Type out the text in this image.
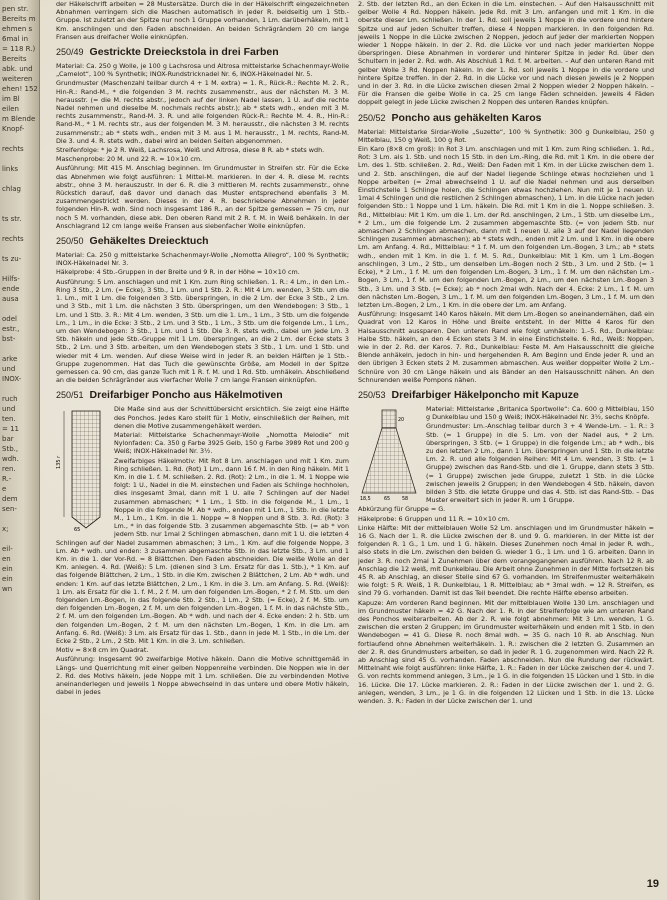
pen str.
Bereits m
ehmen s
6mal in
= 118 R.)
Bereits
abk. und
weiteren
ehen! 152
im Bl
eilen
m Blende
Knopf-
rechts
links
chlag
ts str.
rechts
ts zu-
Hilfs-
ende
ausa
odel
estr.,
bst-
arke
und
INOX-
ruch
und
ten.
= 11
bar
Stb.,
wdh.
ren.
R.-
e
dem
sen-
x;
eil-
en
ein
ein
wn

der Häkelschrift arbeiten = 28 Mustersätze. Durch die in der Häkelschrift eingezeichneten Abnahmen verringern sich die Maschen automatisch in jeder R. beidseitig um 1 Stb.-Gruppe. Ist zuletzt an der Spitze nur noch 1 Gruppe vorhanden, 1 Lm. darüberhäkeln, mit 1 Km. anschlingen und den Faden abschneiden. An beiden Schrägrändern 20 cm lange Fransen aus dreifacher Wolle einknüpfen.

250/49 Gestrickte Dreieckstola in drei Farben

Material: Ca. 250 g Wolle, je 100 g Lachsrosa und Altrosa mittelstarke Schachenmayr-Wolle „Camelot“, 100 % Synthetik; INOX-Rundstricknadel Nr. 6, INOX-Häkelnadel Nr. 5.

Grundmuster (Maschenzahl teilbar durch 4 + 1 M. extra) = 1. R., Rück-R.: Rechte M. 2. R., Hin-R.: Rand-M., * die folgenden 3 M. rechts zusammenstr., aus der nächsten M. 3 M. herausstr. (= die M. rechts abstr., jedoch auf der linken Nadel lassen, 1 U. auf die rechte Nadel nehmen und dieselbe M. nochmals rechts abstr.); ab * stets wdh., enden mit 3 M. rechts zusammenstr., Rand-M. 3. R. und alle folgenden Rück-R.: Rechte M. 4. R., Hin-R.: Rand-M., * 1 M. rechts str., aus der folgenden M. 3 M. herausstr., die nächsten 3 M. rechts zusammenstr.; ab * stets wdh., enden mit 3 M. aus 1 M. herausstr., 1 M. rechts, Rand-M. Die 3. und 4. R. stets wdh., dabei wird an beiden Seiten abgenommen.

Streifenfolge: * je 2 R. Weiß, Lachsrosa, Weiß und Altrosa, diese 8 R. ab * stets wdh.

Maschenprobe: 20 M. und 22 R. = 10×10 cm.

Ausführung: Mit 415 M. Anschlag beginnen. Im Grundmuster in Streifen str. Für die Ecke das Abnehmen wie folgt ausführen: 1 Mittel-M. markieren. In der 4. R. diese M. rechts abstr., ohne 3 M. herauszustr. In der 6. R. die 3 mittleren M. rechts zusammenstr., ohne Rückstich darauf, daß davor und danach das Muster entsprechend ebenfalls 3 M. zusammengestrickt werden. Dieses in der 4. R. beschriebene Abnehmen in jeder folgenden Hin-R. wdh. Sind noch insgesamt 186 R., an der Spitze gemessen = 75 cm, nur noch 5 M. vorhanden, diese abk. Den oberen Rand mit 2 R. f. M. in Weiß behäkeln. In der Anschlagrand 12 cm lange weiße Fransen aus siebenfacher Wolle einknüpfen.

250/50 Gehäkeltes Dreiecktuch

Material: Ca. 250 g mittelstarke Schachenmayr-Wolle „Nomotta Allegro“, 100 % Synthetik; INOX-Häkelnadel Nr. 3.

Häkelprobe: 4 Stb.-Gruppen in der Breite und 9 R. in der Höhe = 10×10 cm.

Ausführung: 5 Lm. anschlagen und mit 1 Km. zum Ring schließen. 1. R.: 4 Lm., in den Lm.-Ring 3 Stb., 2 Lm. (= Ecke), 3 Stb., 1 Lm. und 1 Stb. 2. R.: Mit 4 Lm. wenden, 3 Stb. um die 1. Lm., mit 1 Lm. die folgenden 3 Stb. überspringen, in die 2 Lm. der Ecke 3 Stb., 2 Lm. und 3 Stb., mit 1 Lm. die nächsten 3 Stb. überspringen, um den Wendebogen: 3 Stb., 1 Lm. und 1 Stb. 3. R.: Mit 4 Lm. wenden, 3 Stb. um die 1. Lm., 1 Lm., 3 Stb. um die folgende Lm., 1 Lm., in die Ecke: 3 Stb., 2 Lm. und 3 Stb., 1 Lm., 3 Stb. um die folgende Lm., 1 Lm., um den Wendebogen: 3 Stb., 1 Lm. und 1 Stb. Die 3. R. stets wdh., dabei um jede Lm. 3 Stb. häkeln und jede Stb.-Gruppe mit 1 Lm. überspringen, an die 2 Lm. der Ecke stets 3 Stb., 2 Lm. und 3 Stb. arbeiten, um den Wendebogen stets 3 Stb., 1 Lm. und 1 Stb. und wieder mit 4 Lm. wenden. Auf diese Weise wird in jeder R. an beiden Hälften je 1 Stb.-Gruppe zugenommen. Hat das Tuch die gewünschte Größe, am Modell in der Spitze gemessen ca. 90 cm, das ganze Tuch mit 1 R. f. M. und 1 Rd. Stb. umhäkeln. Abschließend an die beiden Schrägränder aus vierfacher Wolle 7 cm lange Fransen einknüpfen.

250/51 Dreifarbiger Poncho aus Häkelmotiven
135 r
65

Die Maße sind aus der Schnittübersicht ersichtlich. Sie zeigt eine Hälfte des Ponchos. Jedes Karo stellt für 1 Motiv, einschließlich der Reihen, mit denen die Motive zusammengehäkelt werden.

Material: Mittelstarke Schachenmayr-Wolle „Nomotta Melodie“ mit Nylonfaden: Ca. 350 g Farbe 3925 Gelb, 150 g Farbe 3989 Rot und 200 g Weiß; INOX-Häkelnadel Nr. 3½.

Zweifarbiges Häkelmotiv: Mit Rot 8 Lm. anschlagen und mit 1 Km. zum Ring schließen. 1. Rd. (Rot) 1 Lm., dann 16 f. M. in den Ring häkeln. Mit 1 Km. in die 1. f. M. schließen. 2. Rd. (Rot): 2 Lm., in die 1. M. 1 Noppe wie folgt: 1 U., Nadel in die M. einstechen und Faden als Schlinge hochholen, dies insgesamt 3mal, dann mit 1 U. alle 7 Schlingen auf der Nadel zusammen abmaschen; * 1 Lm., 1 Stb. in die folgende M., 1 Lm., 1 Noppe in die folgende M. Ab * wdh., enden mit 1 Lm., 1 Stb. in die letzte M., 1 Lm., 1 Km. in die 1. Noppe = 8 Noppen und 8 Stb. 3. Rd. (Rot): 3 Lm., * in das folgende Stb. 3 zusammen abgemaschte Stb. (= ab * von jedem Stb. nur 1mal 2 Schlingen abmaschen, dann mit 1 U. die letzten 4 Schlingen auf der Nadel zusammen abmaschen; 3 Lm., 1 Km. auf die folgende Noppe, 3 Lm. Ab * wdh. und enden: 3 zusammen abgemaschte Stb. in das letzte Stb., 3 Lm. und 1 Km. in die 1. der Vor-Rd. = 8 Blättchen. Den Faden abschneiden. Die weiße Wolle an der Km. anlegen. 4. Rd. (Weiß): 5 Lm. (dienen sind 3 Lm. Ersatz für das 1. Stb.), * 1 Km. auf das folgende Blättchen, 2 Lm., 1 Stb. in die Km. zwischen 2 Blättchen, 2 Lm. Ab * wdh. und enden: 1 Km. auf das letzte Blättchen, 2 Lm., 1 Km. in die 3. Lm. am Anfang. 5. Rd. (Weiß): 1 Lm. als Ersatz für die 1. f. M., 2 f. M. um den folgenden Lm.-Bogen, * 2 f. M. Stb. um den folgenden Lm.-Bogen, in das folgende Stb. 2 Stb., 1 Lm., 2 Stb. (= Ecke), 2 f. M. Stb. um den folgenden Lm.-Bogen, 2 f. M. um den folgenden Lm.-Bogen, 1 f. M. in das nächste Stb., 2 f. M. um den folgenden Lm.-Bogen. Ab * wdh. und nach der 4. Ecke enden: 2 h. Stb. um den folgenden Lm.-Bogen, 2 f. M. um den nächsten Lm.-Bogen, 1 Km. in die Lm. am Anfang. 6. Rd. (Weiß): 3 Lm. als Ersatz für das 1. Stb., dann in jede M. 1 Stb., in die Lm. der Ecke 2 Stb., 2 Lm., 2 Stb. Mit 1 Km. in die 3. Lm. schließen.

Motiv = 8×8 cm im Quadrat.

Ausführung: Insgesamt 90 zweifarbige Motive häkeln. Dann die Motive schnittgemäß in Längs- und Querrichtung mit einer gelben Noppenreihe verbinden. Die Noppen wie in der 2. Rd. des Motivs häkeln, jede Noppe mit 1 Lm. schließen. Die zu verbindenden Motive aneinanderlegen und jeweils 1 Noppe abwechselnd in das untere und obere Motiv häkeln, dabei in jedes

2. Stb. der letzten Rd., an den Ecken in die Lm. einstechen. – Auf den Halsausschnitt mit gelber Wolle 4 Rd. Noppen häkeln. Jede Rd. mit 3 Lm. anfangen und mit 1 Km. in die oberste dieser Lm. schließen. In der 1. Rd. soll jeweils 1 Noppe in die vordere und hintere Spitze und auf jeden Schulter treffen, diese 4 Noppen markieren. In den folgenden Rd. jeweils 1 Noppe in die Lücke zwischen 2 Noppen, jedoch auf jeder der markierten Noppen wieder 1 Noppe häkeln. In der 2. Rd. die Lücke vor und nach jeder markierten Noppe überspringen. Diese Abnahmen in vorderer und hinterer Spitze in jeder Rd. über den Schultern in jeder 2. Rd. wdh. Als Abschluß 1 Rd. f. M. arbeiten. – Auf den unteren Rand mit gelber Wolle 3 Rd. Noppen häkeln. In der 1. Rd. soll jeweils 1 Noppe in die vordere und hintere Spitze treffen. In der 2. Rd. in die Lücke vor und nach diesen jeweils je 2 Noppen und in der 3. Rd. in die Lücke zwischen diesen 2mal 2 Noppen wieder 2 Noppen häkeln. – Für die Fransen die gelbe Wolle in ca. 25 cm lange Fäden schneiden. Jeweils 4 Fäden doppelt gelegt in jede Lücke zwischen 2 Noppen des unteren Randes knüpfen.

250/52 Poncho aus gehäkelten Karos

Material: Mittelstarke Sirdar-Wolle „Suzette“, 100 % Synthetik: 300 g Dunkelblau, 250 g Mittelblau, 150 g Weiß, 100 g Rot.

Ein Karo (8×8 cm groß): In Rot 3 Lm. anschlagen und mit 1 Km. zum Ring schließen. 1. Rd., Rot: 3 Lm. als 1. Stb. und noch 15 Stb. in den Lm.-Ring, die Rd. mit 1 Km. in die obere der Lm. des 1. Stb. schließen. 2. Rd., Weiß: Den Faden mit 1 Km. in der Lücke zwischen dem 1. und 2. Stb. anschlingen, die auf der Nadel liegende Schlinge etwas hochziehen und 1 Noppe arbeiten (= 2mal abwechselnd 1 U. auf die Nadel nehmen und aus derselben Einstichstelle 1 Schlinge holen, die Schlingen etwas hochziehen. Nun mit je 1 neuen U. 1mal 4 Schlingen und die restlichen 2 Schlingen abmaschen), 1 Lm. in die Lücke nach jeden folgenden Stb.: 1 Noppe und 1 Lm. häkeln. Die Rd. mit 1 Km in die 1. Noppe schließen. 3. Rd., Mittelblau: Mit 1 Km. um die 1. Lm. der Rd. anschlingen, 2 Lm., 1 Stb. um dieselbe Lm., * 2 Lm., um die folgende Lm. 2 zusammen abgemaschte Stb. (= von jedem Stb. nur abmaschen 2 Schlingen abmaschen, dann mit 1 neuen U. alle 3 auf der Nadel liegenden Schlingen zusammen abmaschen); ab * stets wdh., enden mit 2 Lm. und 1 Km. in die obere Lm. am Anfang. 4. Rd., Mittelblau: * 1 f. M. um den folgenden Lm.-Bogen, 3 Lm.; ab * stets wdh., enden mit 1 Km. in die 1. f. M. 5. Rd., Dunkelblau: Mit 1 Km. um 1 Lm.-Bogen anschlingen, 3 Lm., 2 Stb., um denselben Lm.-Bogen noch 2 Stb., 3 Lm. und 2 Stb. (= 1 Ecke), * 2 Lm., 1 f. M. um den folgenden Lm.-Bogen, 3 Lm., 1 f. M. um den nächsten Lm.-Bogen, 3 Lm., 1 f. M. um den folgenden Lm.-Bogen, 2 Lm., um den nächsten Lm.-Bogen 3 Stb., 3 Lm. und 3 Stb. (= Ecke); ab * noch 2mal wdh. Nach der 4. Ecke: 2 Lm., 1 f. M. um den nächsten Lm.-Bogen, 3 Lm., 1 f. M. um den folgenden Lm.-Bogen, 3 Lm., 1 f. M. um den letzten Lm.-Bogen, 2 Lm., 1 Km. in die obere der Lm. am Anfang.

Ausführung: Insgesamt 140 Karos häkeln. Mit dem Lm.-Bogen so aneinandernähen, daß ein Quadrat von 12 Karos in Höhe und Breite entsteht. In der Mitte 4 Karos für den Halsausschnitt aussparen. Den unteren Rand wie folgt umhäkeln: 1.–5. Rd., Dunkelblau: Halbe Stb. häkeln, an den 4 Ecken stets 3 M. in eine Einstichstelle. 6. Rd., Weiß: Noppen, wie in der 2. Rd. der Karos. 7. Rd., Dunkelblau: Feste M. Am Halsausschnitt die gleiche Blende anhäkeln, jedoch in hin- und hergehenden R. Am Beginn und Ende jeder R. und an den übrigen 3 Ecken stets 2 M. zusammen abmaschen. Aus weißer doppelter Wolle 2 Lm.-Schnüre von 30 cm Länge häkeln und als Bänder an den Halsausschnitt nähen. An den Schnurenden weiße Pompons nähen.

250/53 Dreifarbiger Häkelponcho mit Kapuze
18,5	65 58
20

Material: Mittelstarke „Britanica Sportwolle“: Ca. 600 g Mittelblau, 150 g Dunkelblau und 150 g Weiß; INOX-Häkelnadel Nr. 3½, sechs Knöpfe.

Grundmuster: Lm.-Anschlag teilbar durch 3 + 4 Wende-Lm. – 1. R.: 3 Stb. (= 1 Gruppe) in die 5. Lm. von der Nadel aus, * 2 Lm. überspringen, 3 Stb. (= 1 Gruppe) in die folgende Lm.; ab * wdh., bis zu den letzten 2 Lm., dann 1 Lm. überspringen und 1 Stb. in die letzte Lm. 2. R. und alle folgenden Reihen: Mit 4 Lm. wenden, 3 Stb. (= 1 Gruppe) zwischen das Rand-Stb. und die 1. Gruppe, dann stets 3 Stb. (= 1 Gruppe) zwischen jede Gruppe, zuletzt 1 Stb. in die Lücke zwischen jeweils 2 Gruppen; in den Wendebogen 4 Stb. häkeln, davon bilden 3 Stb. die letzte Gruppe und das 4. Stb. ist das Rand-Stb. – Das Muster erweitert sich in jeder R. um 1 Gruppe.

Abkürzung für Gruppe = G.

Häkelprobe: 6 Gruppen und 11 R. = 10×10 cm.

Linke Hälfte: Mit der mittelblauen Wolle 52 Lm. anschlagen und im Grundmuster häkeln = 16 G. Nach der 1. R. die Lücke zwischen der 8. und 9. G. markieren. In der Mitte ist der folgenden R. 1 G., 1 Lm. und 1 G. häkeln. Dieses Zunehmen noch 4mal in jeder R. wdh., also stets in die Lm. zwischen den beiden G. wieder 1 G., 1 Lm. und 1 G. arbeiten. Dann in jeder 3. R. noch 2mal 1 Zunehmen über dem vorangegangenen ausführen. Nach 12 R. ab Anschlag die 12 weiß, mit Dunkelblau. Die Arbeit ohne Zunehmen in der Mitte fortsetzen bis 45 R. ab Anschlag, an dieser Stelle sind 67 G. vorhanden. Im Streifenmuster weiterhäkeln wie folgt: 5 R. Weiß, 1 R. Dunkelblau, 1 R. Mittelblau; ab * 3mal wdh. = 12 R. Streifen, es sind 79 G. vorhanden. Damit ist das Teil beendet. Die rechte Hälfte ebenso arbeiten.

Kapuze: Am vorderen Rand beginnen. Mit der mittelblauen Wolle 130 Lm. anschlagen und im Grundmuster häkeln = 42 G. Nach der 1. R. in der Streifenfolge wie am unteren Rand des Ponchos weiterarbeiten. Ab der 2. R. wie folgt abnehmen: Mit 3 Lm. wenden, 1 G. zwischen die ersten 2 Gruppen; im Grundmuster weiterhäkeln und enden mit 1 Stb. in den Wendebogen = 41 G. Diese R. noch 8mal wdh. = 35 G. nach 10 R. ab Anschlag. Nun fortlaufend ohne Abnehmen weiterhäkeln. 1. R.: zwischen die 2 letzten G. Zusammen an der 2. R. des Grundmusters arbeiten, so daß in jeder R. 1 G. zugenommen wird. Nach 22 R. ab Anschlag sind 45 G. vorhanden. Faden abschneiden. Nun die Rundung der rückwärt. Mittelnaht wie folgt ausführen: linke Hälfte, 1. R.: Faden in der Lücke zwischen der 4. und 7. G. von rechts kommend anlegen, 3 Lm., je 1 G. in die folgenden 15 Lücken und 1 Stb. in die 16. Lücke. Die 17. Lücke markieren. 2. R.: Faden in der Lücke zwischen der 1. und 2. G. anlegen, wenden, 3 Lm., je 1 G. in die folgenden 12 Lücken und 1 Stb. in die 13. Lücke wenden. 3. R.: Faden in der Lücke zwischen der 1. und

19
